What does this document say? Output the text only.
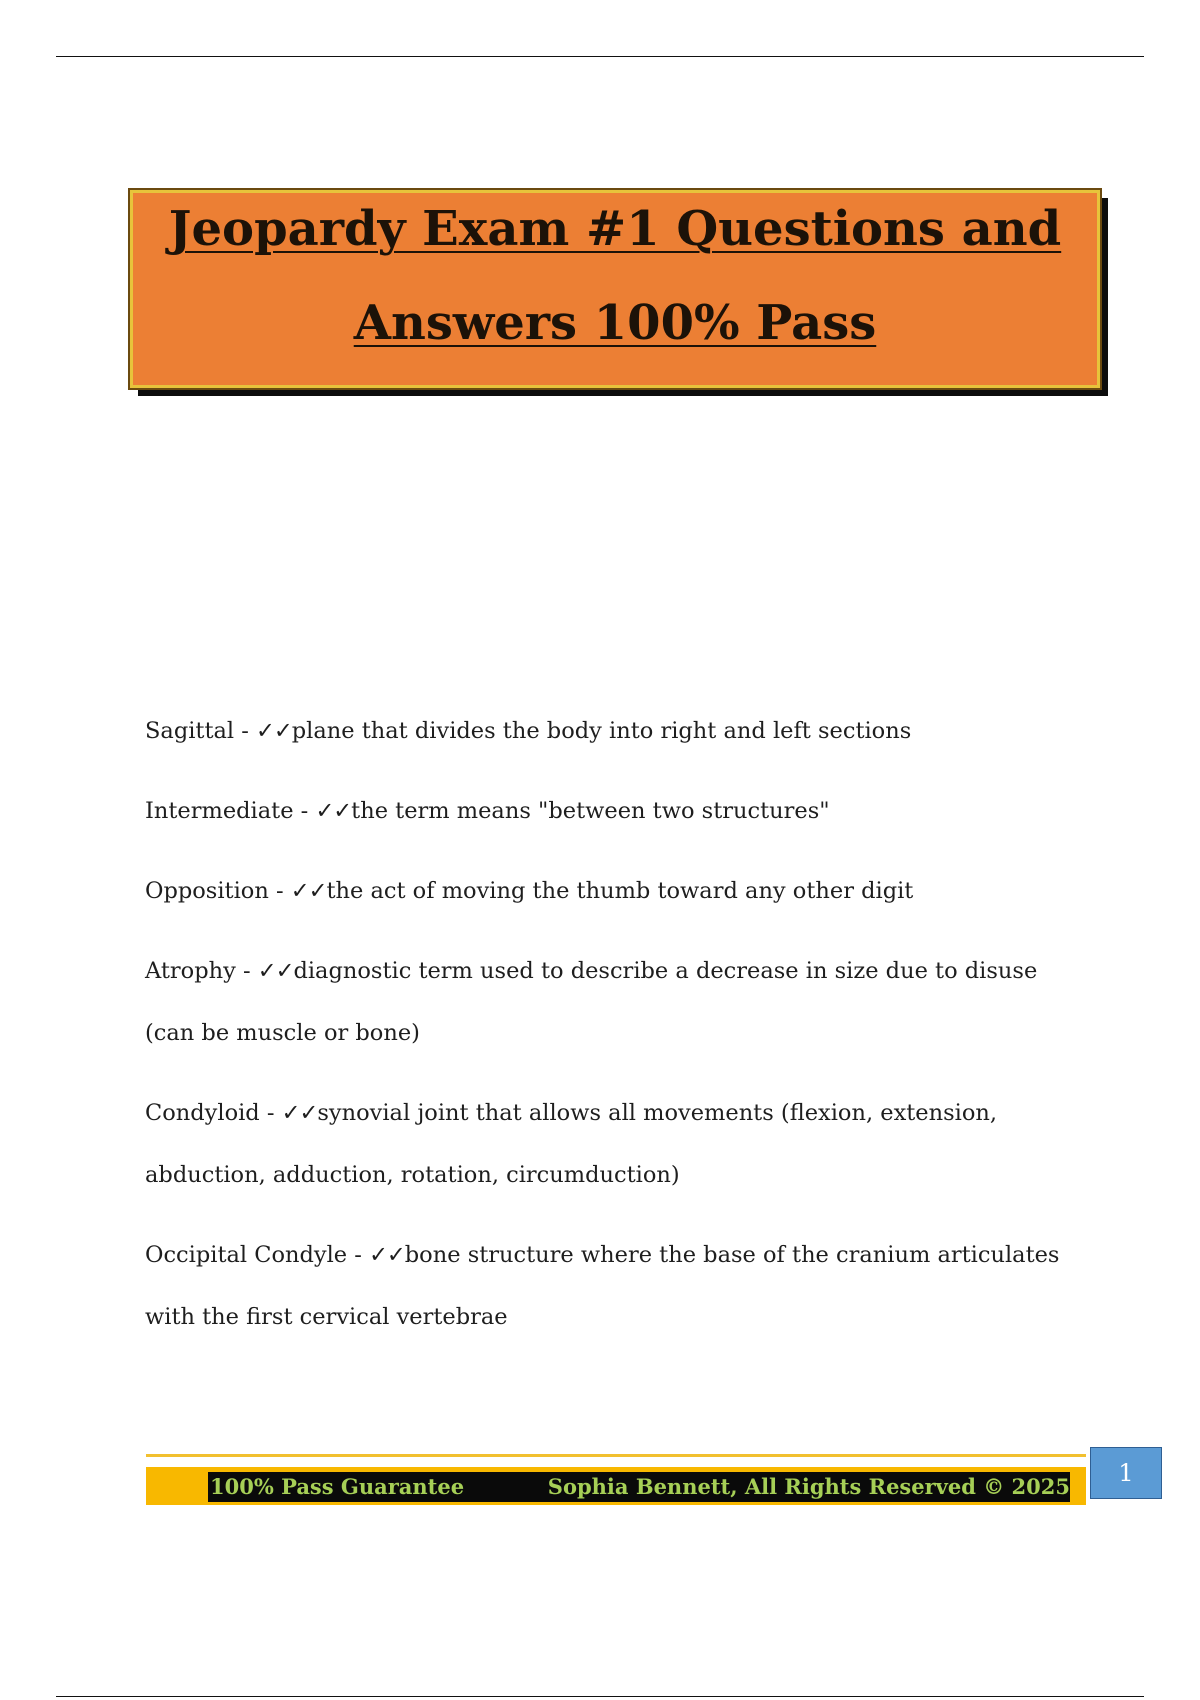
Jeopardy Exam #1 Questions and
Answers 100% Pass

Sagittal - ✓✓plane that divides the body into right and left sections

Intermediate - ✓✓the term means "between two structures"

Opposition - ✓✓the act of moving the thumb toward any other digit

Atrophy - ✓✓diagnostic term used to describe a decrease in size due to disuse (can be muscle or bone)

Condyloid - ✓✓synovial joint that allows all movements (flexion, extension, abduction, adduction, rotation, circumduction)

Occipital Condyle - ✓✓bone structure where the base of the cranium articulates with the first cervical vertebrae

100% Pass Guarantee	Sophia Bennett, All Rights Reserved © 2025	1
